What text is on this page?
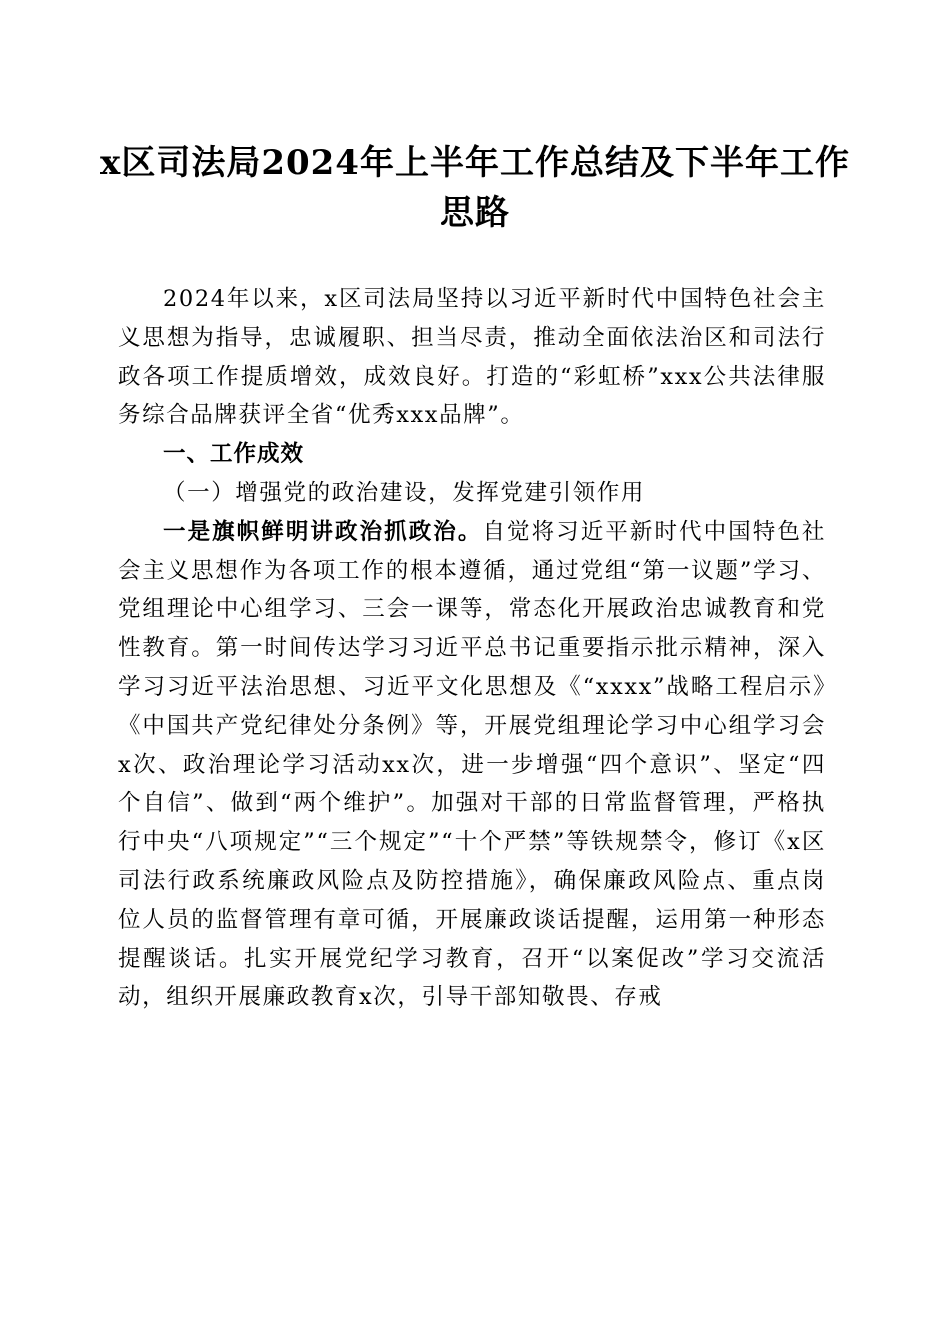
x区司法局2024年上半年工作总结及下半年工作思路

2024年以来，x区司法局坚持以习近平新时代中国特色社会主义思想为指导，忠诚履职、担当尽责，推动全面依法治区和司法行政各项工作提质增效，成效良好。打造的“彩虹桥”xxx公共法律服务综合品牌获评全省“优秀xxx品牌”。

一、工作成效

（一）增强党的政治建设，发挥党建引领作用

一是旗帜鲜明讲政治抓政治。自觉将习近平新时代中国特色社会主义思想作为各项工作的根本遵循，通过党组“第一议题”学习、党组理论中心组学习、三会一课等，常态化开展政治忠诚教育和党性教育。第一时间传达学习习近平总书记重要指示批示精神，深入学习习近平法治思想、习近平文化思想及《“xxxx”战略工程启示》《中国共产党纪律处分条例》等，开展党组理论学习中心组学习会x次、政治理论学习活动xx次，进一步增强“四个意识”、坚定“四个自信”、做到“两个维护”。加强对干部的日常监督管理，严格执行中央“八项规定”“三个规定”“十个严禁”等铁规禁令，修订《x区司法行政系统廉政风险点及防控措施》，确保廉政风险点、重点岗位人员的监督管理有章可循，开展廉政谈话提醒，运用第一种形态提醒谈话。扎实开展党纪学习教育，召开“以案促改”学习交流活动，组织开展廉政教育x次，引导干部知敬畏、存戒
